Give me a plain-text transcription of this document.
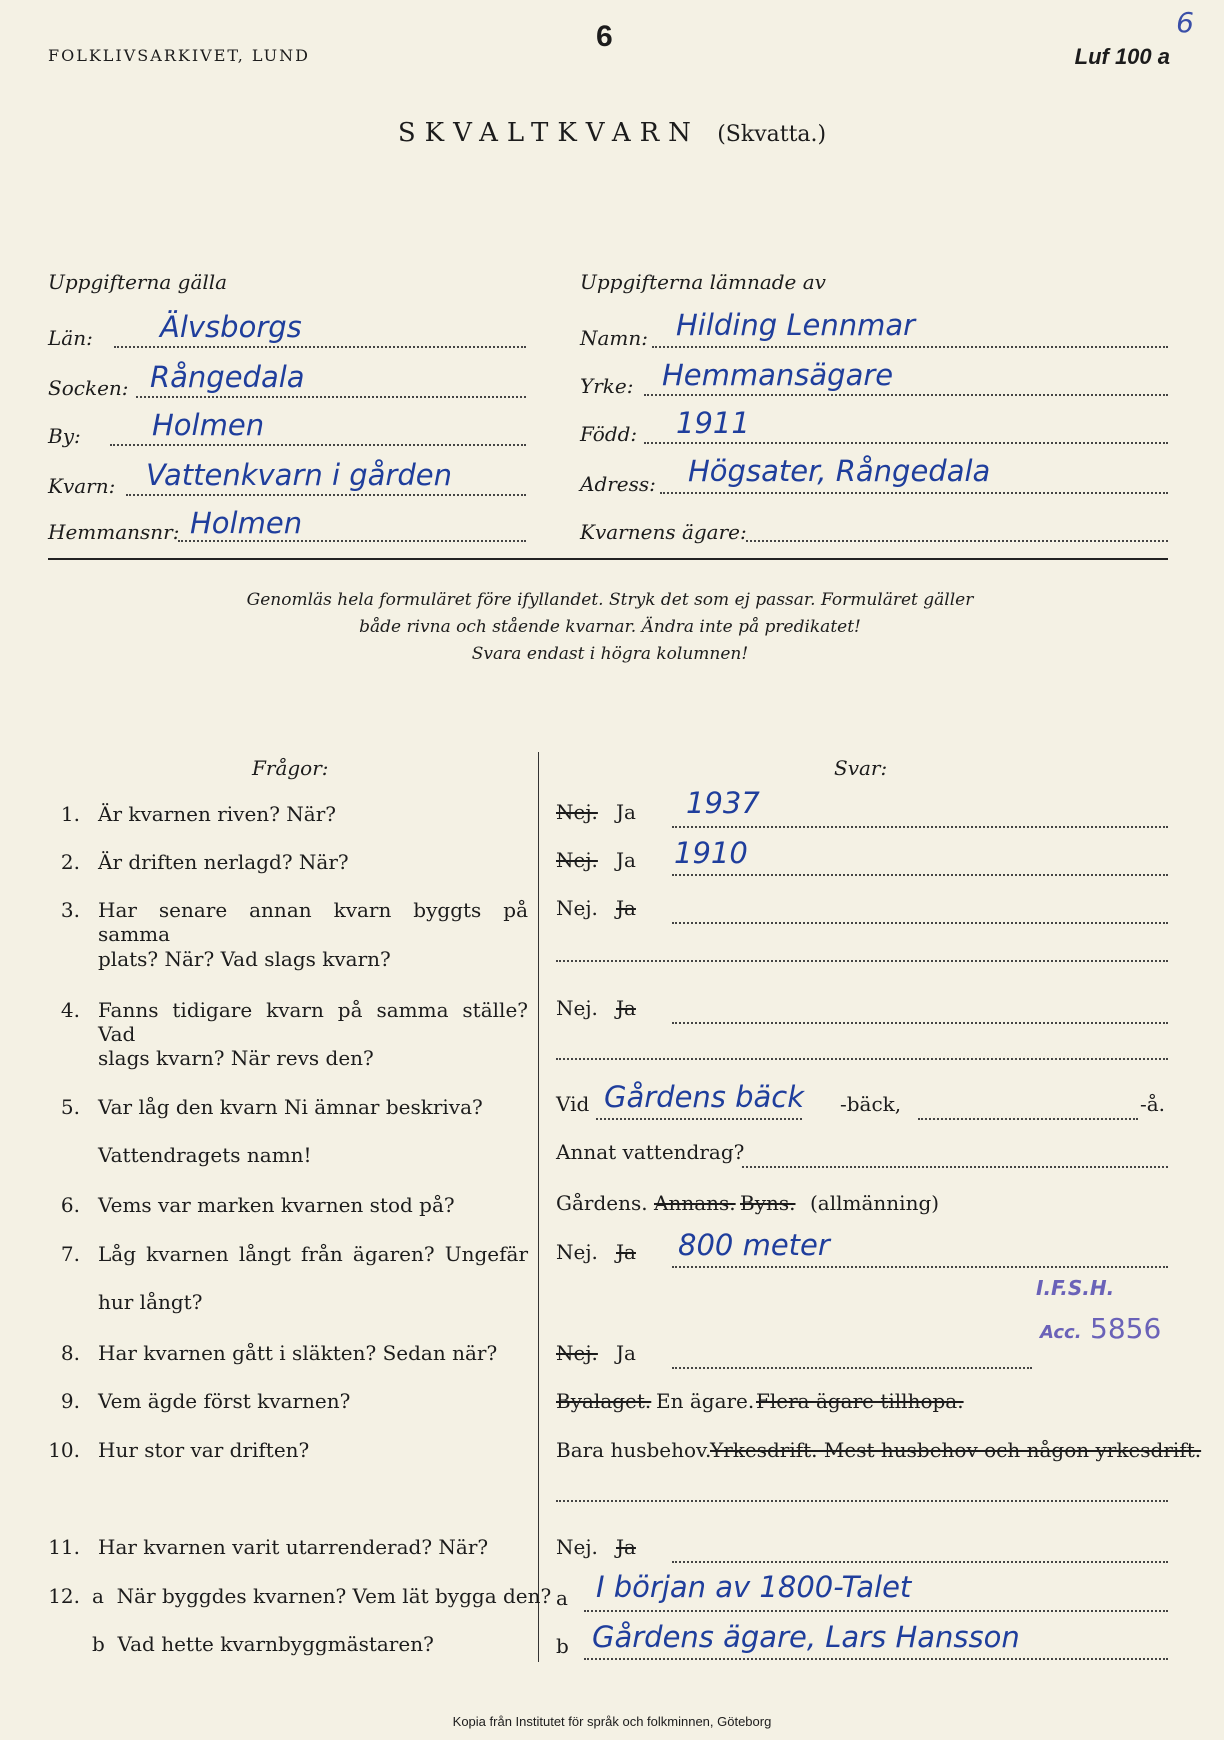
FOLKLIVSARKIVET, LUND
6
Luf 100 a
6
SKVALTKVARN (Skvatta.)
Uppgifterna gälla
Län: Älvsborgs
Socken: Rångedala
By: Holmen
Kvarn: Vattenkvarn i gården
Hemmansnr: Holmen
Uppgifterna lämnade av
Namn: Hilding Lennmar
Yrke: Hemmansägare
Född: 1911
Adress: Högsater, Rångedala
Kvarnens ägare:
Genomläs hela formuläret före ifyllandet. Stryk det som ej passar. Formuläret gäller
både rivna och stående kvarnar. Ändra inte på predikatet!
Svara endast i högra kolumnen!
Frågor:	Svar:
1. Är kvarnen riven? När?
2. Är driften nerlagd? När?
3. Har senare annan kvarn byggts på samma
plats? När? Vad slags kvarn?
4. Fanns tidigare kvarn på samma ställe? Vad
slags kvarn? När revs den?
5. Var låg den kvarn Ni ämnar beskriva?
Vattendragets namn!
6. Vems var marken kvarnen stod på?
7. Låg kvarnen långt från ägaren? Ungefär
hur långt?
8. Har kvarnen gått i släkten? Sedan när?
9. Vem ägde först kvarnen?
10. Hur stor var driften?
11. Har kvarnen varit utarrenderad? När?
12. a  När byggdes kvarnen? Vem lät bygga den?
b  Vad hette kvarnbyggmästaren?
Nej. Ja 1937
Nej. Ja 1910
Nej. Ja
Nej. Ja
Vid Gårdens bäck -bäck,	-å.
Annat vattendrag?
Gårdens. Annans. Byns. (allmänning)
Nej. Ja 800 meter
I.F.S.H.
Acc. 5856
Nej. Ja
Byalaget. En ägare. Flera ägare tillhopa.
Bara husbehov.
Yrkesdrift. Mest husbehov och någon yrkesdrift.
Nej. Ja
a I början av 1800-Talet
b Gårdens ägare, Lars Hansson
Kopia från Institutet för språk och folkminnen, Göteborg
